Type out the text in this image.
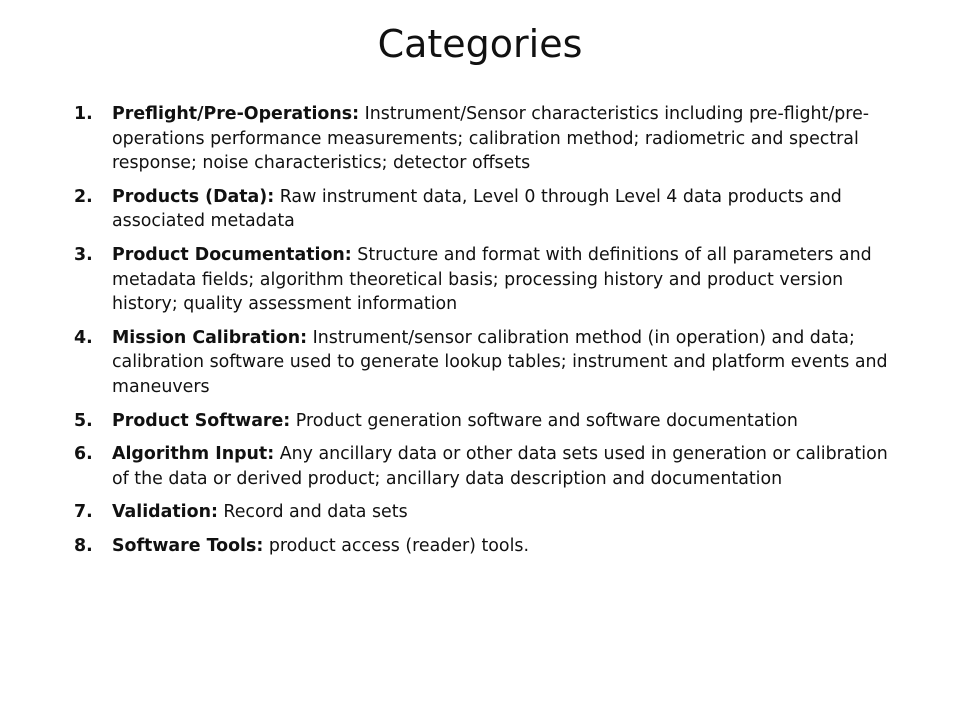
Categories
1. Preflight/Pre-Operations: Instrument/Sensor characteristics including pre-flight/pre-operations performance measurements; calibration method; radiometric and spectral response; noise characteristics; detector offsets
2. Products (Data): Raw instrument data, Level 0 through Level 4 data products and associated metadata
3. Product Documentation: Structure and format with definitions of all parameters and metadata fields; algorithm theoretical basis; processing history and product version history; quality assessment information
4. Mission Calibration: Instrument/sensor calibration method (in operation) and data; calibration software used to generate lookup tables; instrument and platform events and maneuvers
5. Product Software: Product generation software and software documentation
6. Algorithm Input: Any ancillary data or other data sets used in generation or calibration of the data or derived product; ancillary data description and documentation
7. Validation: Record and data sets
8. Software Tools: product access (reader) tools.
